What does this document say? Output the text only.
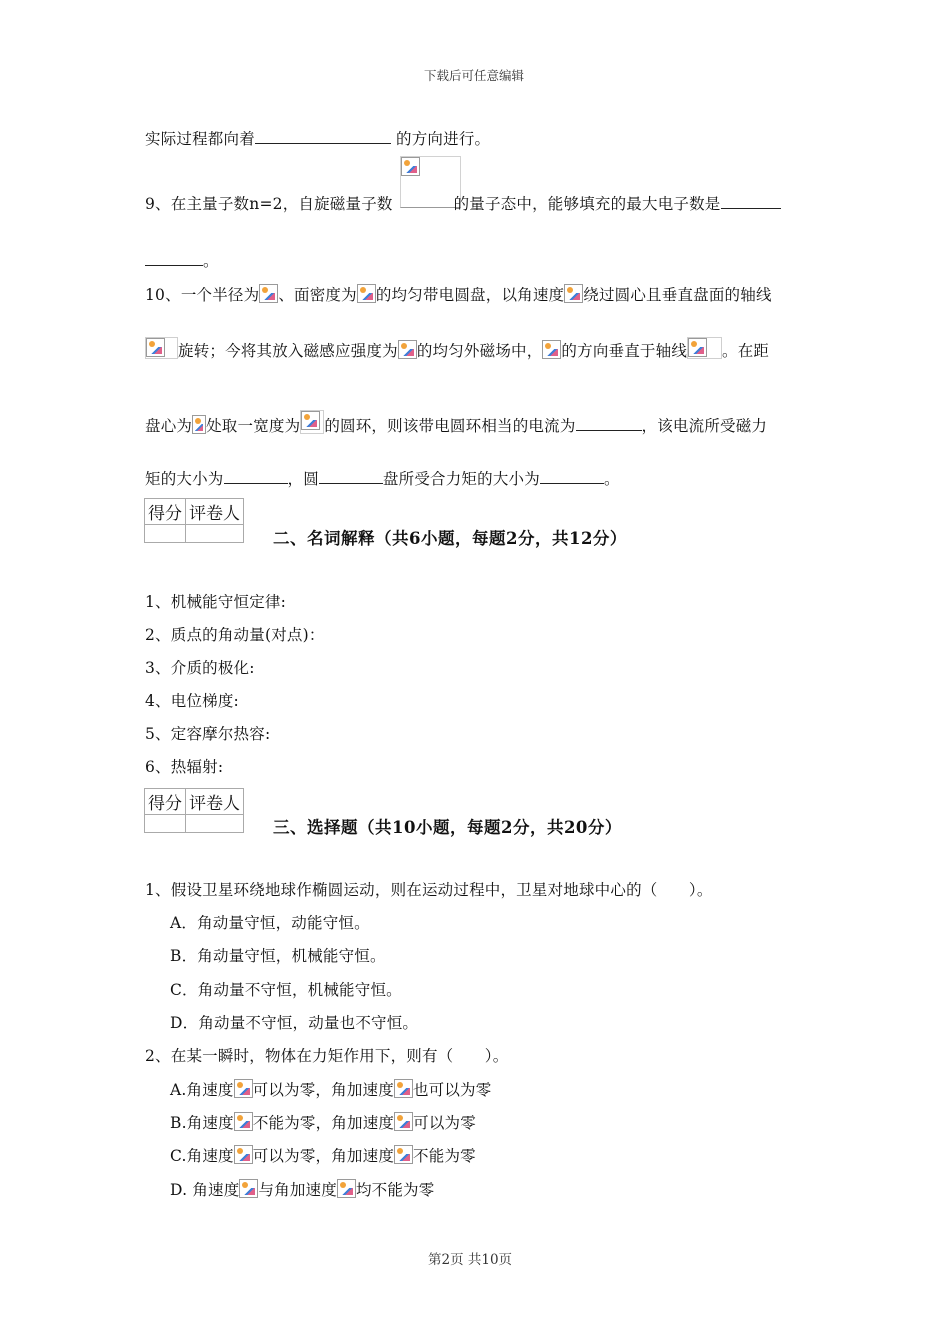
下载后可任意编辑
实际过程都向着	的方向进行。
9、在主量子数n=2，自旋磁量子数	的量子态中，能够填充的最大电子数是
。
10、一个半径为 、面密度为 的均匀带电圆盘，以角速度 绕过圆心且垂直盘面的轴线
旋转；今将其放入磁感应强度为 的均匀外磁场中， 的方向垂直于轴线 。在距
盘心为 处取一宽度为 的圆环，则该带电圆环相当的电流为	，该电流所受磁力
矩的大小为	，圆	盘所受合力矩的大小为	。
得分	评卷人

二、名词解释（共6小题，每题2分，共12分）
1、机械能守恒定律:
2、质点的角动量(对点)：
3、介质的极化:
4、电位梯度:
5、定容摩尔热容:
6、热辐射:
得分	评卷人

三、选择题（共10小题，每题2分，共20分）
1、假设卫星环绕地球作椭圆运动，则在运动过程中，卫星对地球中心的（　　）。
A．角动量守恒，动能守恒。
B．角动量守恒，机械能守恒。
C．角动量不守恒，机械能守恒。
D．角动量不守恒，动量也不守恒。
2、在某一瞬时，物体在力矩作用下，则有（　　）。
A.角速度 可以为零，角加速度 也可以为零
B.角速度 不能为零，角加速度 可以为零
C.角速度 可以为零，角加速度 不能为零
D. 角速度 与角加速度 均不能为零
第2页 共10页
